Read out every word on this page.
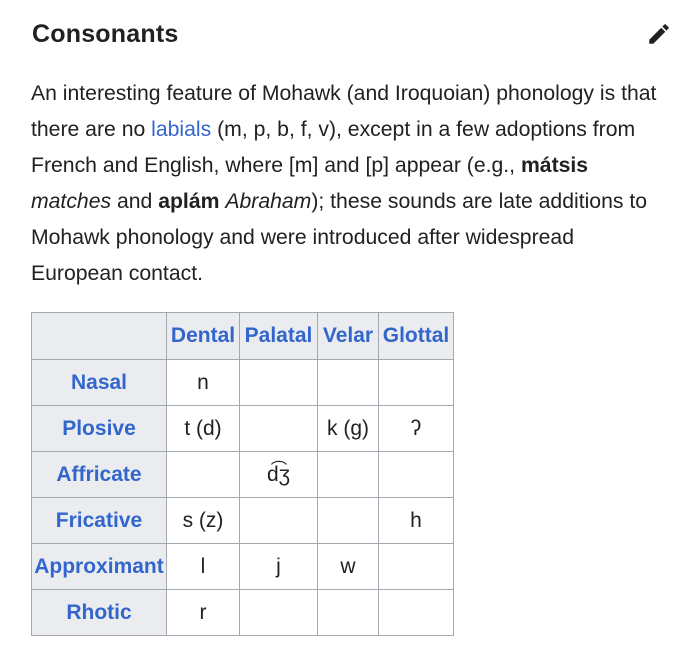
Consonants

An interesting feature of Mohawk (and Iroquoian) phonology is that there are no labials (m, p, b, f, v), except in a few adoptions from French and English, where [m] and [p] appear (e.g., mátsis matches and aplám Abraham); these sounds are late additions to Mohawk phonology and were introduced after widespread European contact.

	Dental	Palatal	Velar	Glottal
Nasal	n			
Plosive	t (d)		k (g)	ʔ
Affricate		d͡ʒ		
Fricative	s (z)			h
Approximant	l	j	w	
Rhotic	r			
